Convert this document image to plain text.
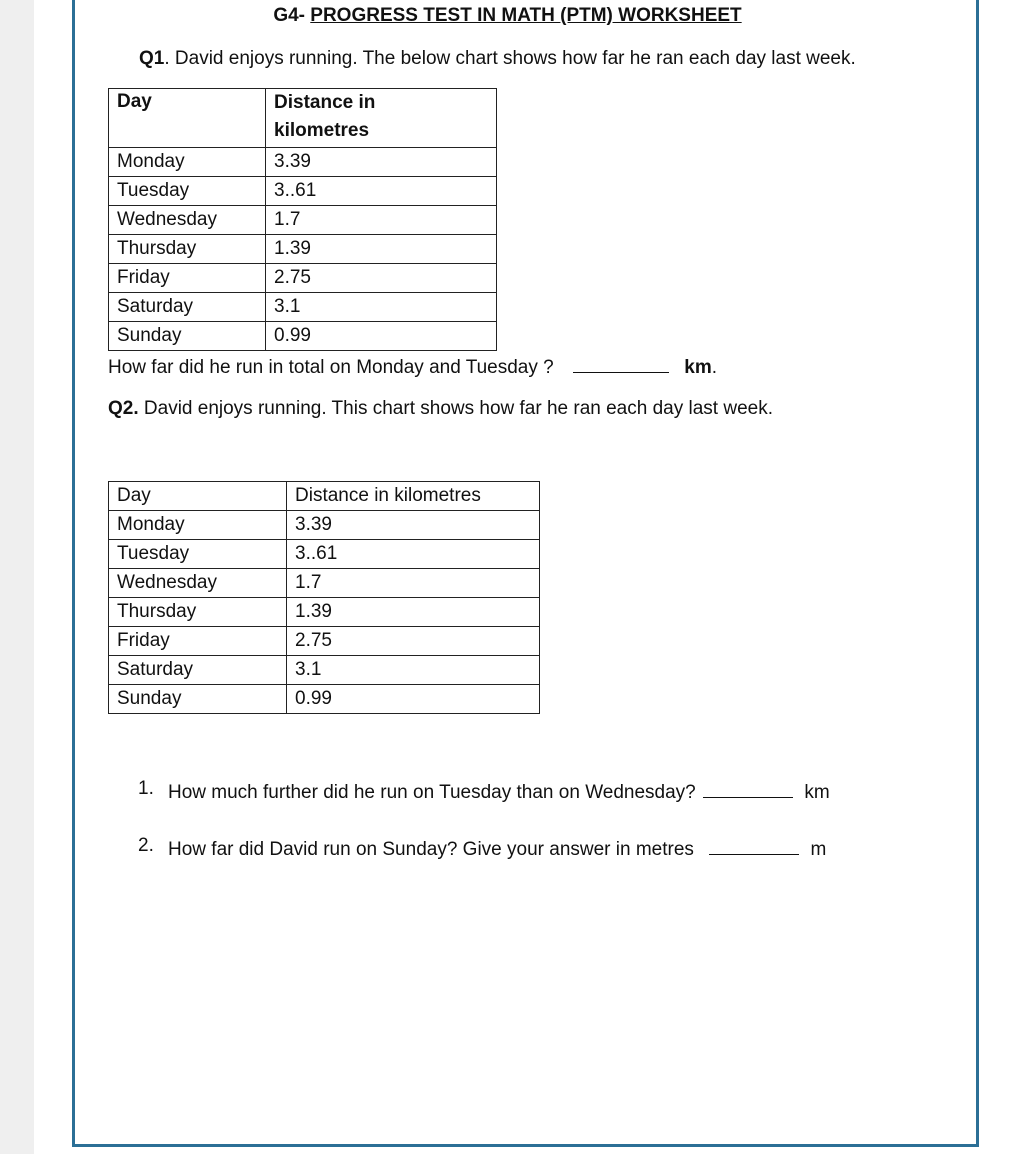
G4- PROGRESS TEST IN MATH (PTM) WORKSHEET
Q1. David enjoys running. The below chart shows how far he ran each day last week.
Day	Distance in
kilometres
Monday	3.39
Tuesday	3..61
Wednesday	1.7
Thursday	1.39
Friday	2.75
Saturday	3.1
Sunday	0.99
How far did he run in total on Monday and Tuesday ?	km.
Q2. David enjoys running. This chart shows how far he ran each day last week.
Day	Distance in kilometres
Monday	3.39
Tuesday	3..61
Wednesday	1.7
Thursday	1.39
Friday	2.75
Saturday	3.1
Sunday	0.99
1. How much further did he run on Tuesday than on Wednesday?	km
2. How far did David run on Sunday? Give your answer in metres	m
